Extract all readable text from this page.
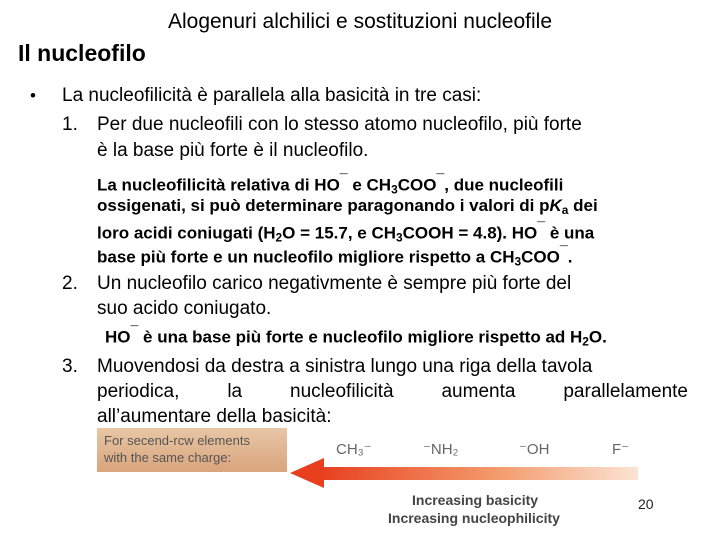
Alogenuri alchilici e sostituzioni nucleofile
Il nucleofilo
• La nucleofilicità è parallela alla basicità in tre casi:
1. Per due nucleofili con lo stesso atomo nucleofilo, più forte
è la base più forte è il nucleofilo.
La nucleofilicità relativa di HO¯ e $CH_3COO^¯$, due nucleofili
ossigenati, si può determinare paragonando i valori di $pK_a$ dei
loro acidi coniugati ($H_2O = 15.7$, e $CH_3COOH = 4.8$). HO¯ è una
base più forte e un nucleofilo migliore rispetto a $CH_3COO^¯$.
2. Un nucleofilo carico negativmente è sempre più forte del
suo acido coniugato.
HO¯ è una base più forte e nucleofilo migliore rispetto ad $H_2O$.
3. Muovendosi da destra a sinistra lungo una riga della tavola
periodica, la nucleofilicità aumenta parallelamente
all’aumentare della basicità:
For secend-rcw elements
with the same charge:	CH₃⁻	⁻NH₂	⁻OH	F⁻
Increasing basicity
Increasing nucleophilicity
20
